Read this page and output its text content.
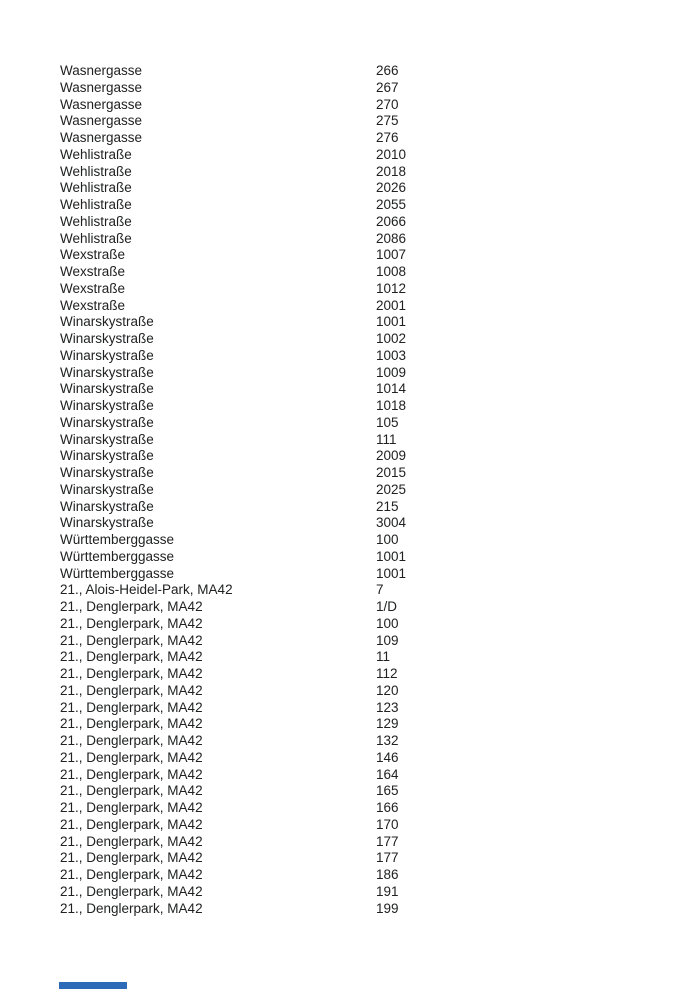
Wasnergasse	266
Wasnergasse	267
Wasnergasse	270
Wasnergasse	275
Wasnergasse	276
Wehlistraße	2010
Wehlistraße	2018
Wehlistraße	2026
Wehlistraße	2055
Wehlistraße	2066
Wehlistraße	2086
Wexstraße	1007
Wexstraße	1008
Wexstraße	1012
Wexstraße	2001
Winarskystraße	1001
Winarskystraße	1002
Winarskystraße	1003
Winarskystraße	1009
Winarskystraße	1014
Winarskystraße	1018
Winarskystraße	105
Winarskystraße	111
Winarskystraße	2009
Winarskystraße	2015
Winarskystraße	2025
Winarskystraße	215
Winarskystraße	3004
Württemberggasse	100
Württemberggasse	1001
Württemberggasse	1001
21., Alois-Heidel-Park, MA42	7
21., Denglerpark, MA42	1/D
21., Denglerpark, MA42	100
21., Denglerpark, MA42	109
21., Denglerpark, MA42	11
21., Denglerpark, MA42	112
21., Denglerpark, MA42	120
21., Denglerpark, MA42	123
21., Denglerpark, MA42	129
21., Denglerpark, MA42	132
21., Denglerpark, MA42	146
21., Denglerpark, MA42	164
21., Denglerpark, MA42	165
21., Denglerpark, MA42	166
21., Denglerpark, MA42	170
21., Denglerpark, MA42	177
21., Denglerpark, MA42	177
21., Denglerpark, MA42	186
21., Denglerpark, MA42	191
21., Denglerpark, MA42	199
